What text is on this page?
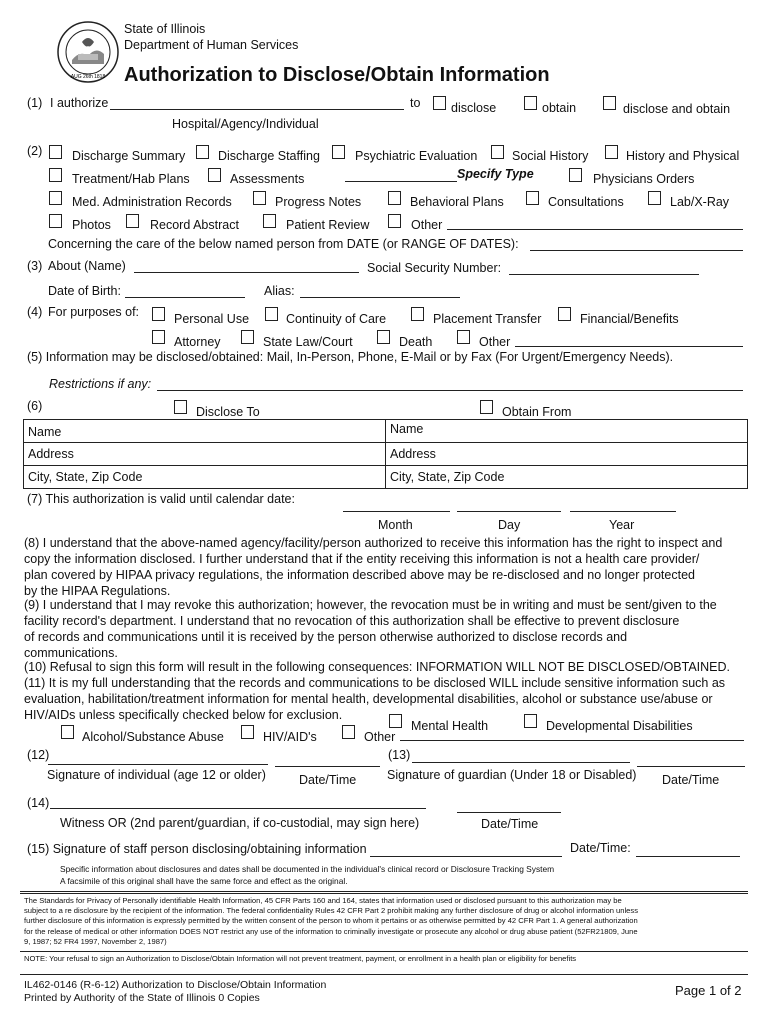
AUG 26th 1818
State of Illinois
Department of Human Services
Authorization to Disclose/Obtain Information
(1) I authorize	to disclose	obtain	disclose and obtain
Hospital/Agency/Individual
(2) Discharge Summary	Discharge Staffing	Psychiatric Evaluation	Social History	History and Physical
Treatment/Hab Plans	Assessments	Specify Type	Physicians Orders
Med. Administration Records	Progress Notes	Behavioral Plans	Consultations	Lab/X-Ray
Photos	Record Abstract	Patient Review	Other
Concerning the care of the below named person from DATE (or RANGE OF DATES):
(3) About (Name)	Social Security Number:
Date of Birth:	Alias:
(4) For purposes of:	Personal Use	Continuity of Care	Placement Transfer	Financial/Benefits
Attorney	State Law/Court	Death	Other
(5) Information may be disclosed/obtained: Mail, In-Person, Phone, E-Mail or by Fax (For Urgent/Emergency Needs).
Restrictions if any:
(6)	Disclose To	Obtain From
Name	Name
Address	Address
City, State, Zip Code	City, State, Zip Code
(7) This authorization is valid until calendar date:
Month	Day	Year
(8) I understand that the above-named agency/facility/person authorized to receive this information has the right to inspect and
copy the information disclosed. I further understand that if the entity receiving this information is not a health care provider/
plan covered by HIPAA privacy regulations, the information described above may be re-disclosed and no longer protected
by the HIPAA Regulations.
(9) I understand that I may revoke this authorization; however, the revocation must be in writing and must be sent/given to the
facility record's department. I understand that no revocation of this authorization shall be effective to prevent disclosure
of records and communications until it is received by the person otherwise authorized to disclose records and
communications.
(10) Refusal to sign this form will result in the following consequences: INFORMATION WILL NOT BE DISCLOSED/OBTAINED.
(11) It is my full understanding that the records and communications to be disclosed WILL include sensitive information such as
evaluation, habilitation/treatment information for mental health, developmental disabilities, alcohol or substance use/abuse or
HIV/AIDs unless specifically checked below for exclusion.
Mental Health	Developmental Disabilities
Alcohol/Substance Abuse	HIV/AID's	Other
(12)
Signature of individual (age 12 or older)	Date/Time
(13)
Signature of guardian (Under 18 or Disabled) Date/Time
(14)
Witness OR (2nd parent/guardian, if co-custodial, may sign here)	Date/Time
(15) Signature of staff person disclosing/obtaining information	Date/Time:
Specific information about disclosures and dates shall be documented in the individual's clinical record or Disclosure Tracking System
A facsimile of this original shall have the same force and effect as the original.
The Standards for Privacy of Personally identifiable Health Information, 45 CFR Parts 160 and 164, states that information used or disclosed pursuant to this authorization may be
subject to a re disclosure by the recipient of the information. The federal confidentiality Rules 42 CFR Part 2 prohibit making any further disclosure of drug or alcohol information unless
further disclosure of this information is expressly permitted by the written consent of the person to whom it pertains or as otherwise permitted by 42 CFR Part 1. A general authorization
for the release of medical or other information DOES NOT restrict any use of the information to criminally investigate or prosecute any alcohol or drug abuse patient (52FR21809, June
9, 1987; 52 FR4 1997, November 2, 1987)
NOTE: Your refusal to sign an Authorization to Disclose/Obtain Information will not prevent treatment, payment, or enrollment in a health plan or eligibility for benefits
IL462-0146 (R-6-12) Authorization to Disclose/Obtain Information
Printed by Authority of the State of Illinois 0 Copies	Page 1 of 2
